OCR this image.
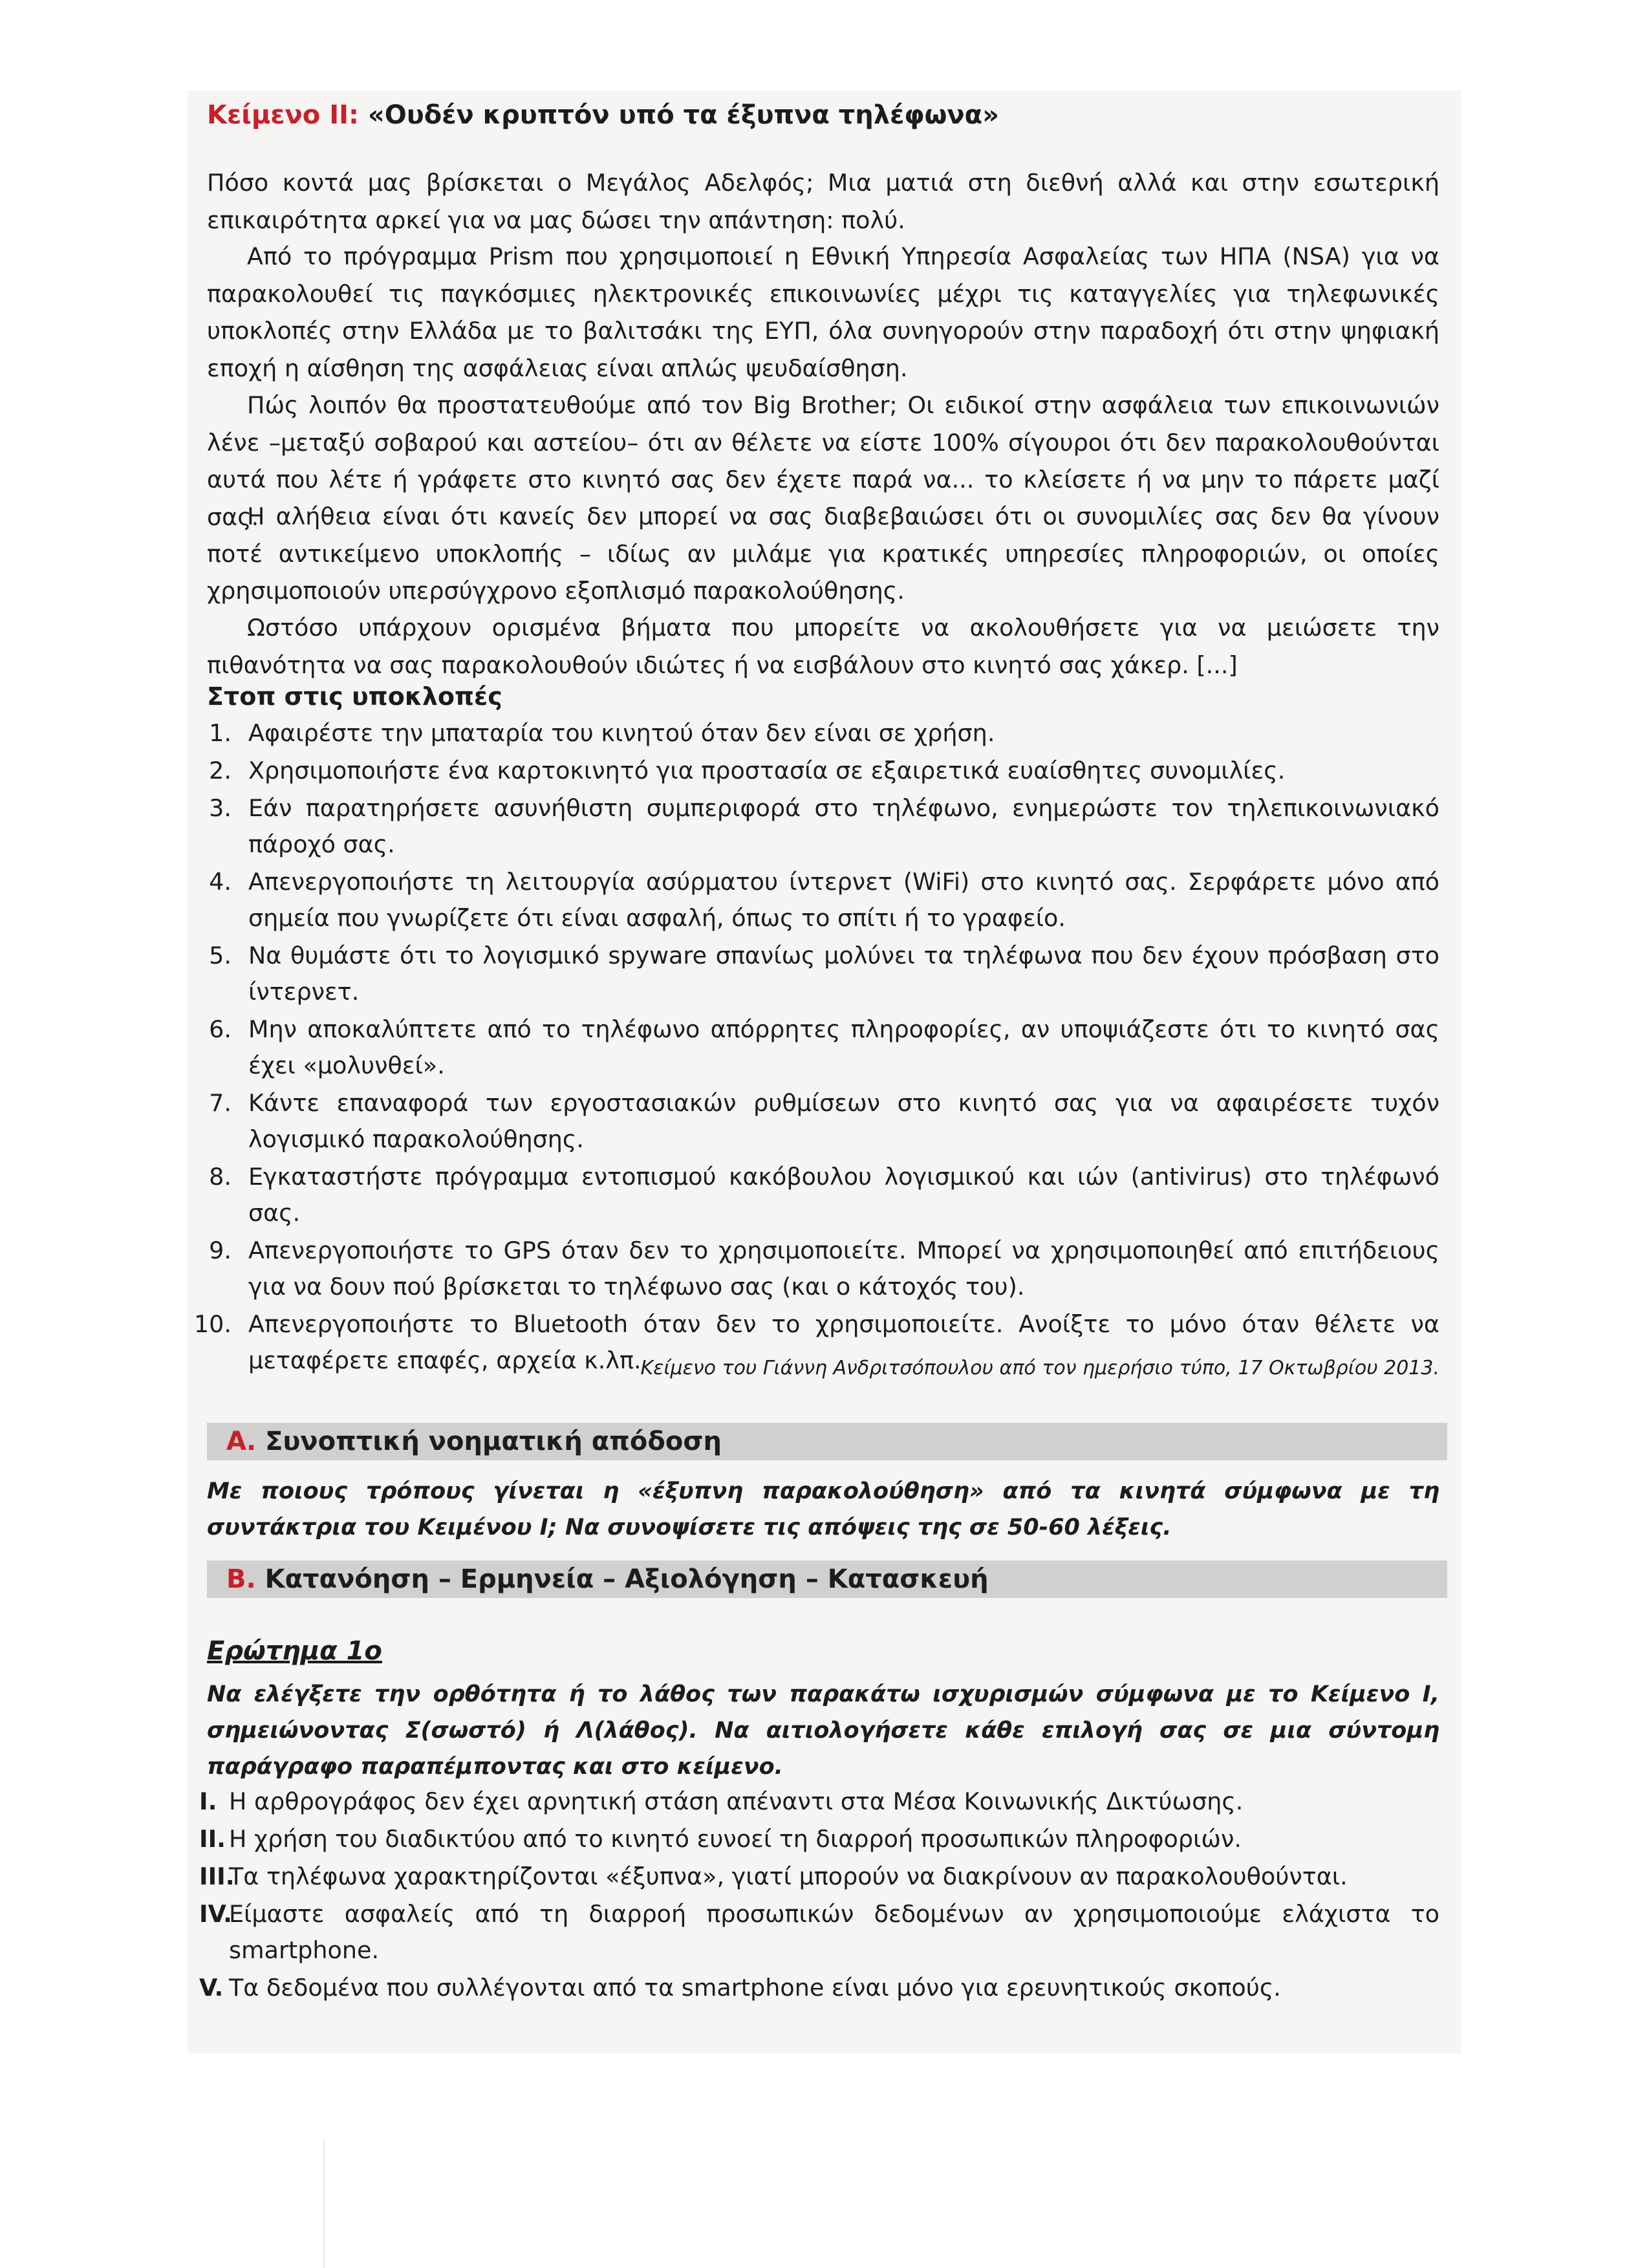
Κείμενο ΙΙ: «Ουδέν κρυπτόν υπό τα έξυπνα τηλέφωνα»
Πόσο κοντά μας βρίσκεται ο Μεγάλος Αδελφός; Μια ματιά στη διεθνή αλλά και στην εσωτερική επικαιρότητα αρκεί για να μας δώσει την απάντηση: πολύ.
Από το πρόγραμμα Prism που χρησιμοποιεί η Εθνική Υπηρεσία Ασφαλείας των ΗΠΑ (NSA) για να παρακολουθεί τις παγκόσμιες ηλεκτρονικές επικοινωνίες μέχρι τις καταγγελίες για τηλεφωνικές υποκλοπές στην Ελλάδα με το βαλιτσάκι της ΕΥΠ, όλα συνηγορούν στην παραδοχή ότι στην ψηφιακή εποχή η αίσθηση της ασφάλειας είναι απλώς ψευδαίσθηση.
Πώς λοιπόν θα προστατευθούμε από τον Big Brother; Οι ειδικοί στην ασφάλεια των επικοινωνιών λένε –μεταξύ σοβαρού και αστείου– ότι αν θέλετε να είστε 100% σίγουροι ότι δεν παρακολουθούνται αυτά που λέτε ή γράφετε στο κινητό σας δεν έχετε παρά να... το κλείσετε ή να μην το πάρετε μαζί σας.
Η αλήθεια είναι ότι κανείς δεν μπορεί να σας διαβεβαιώσει ότι οι συνομιλίες σας δεν θα γίνουν ποτέ αντικείμενο υποκλοπής – ιδίως αν μιλάμε για κρατικές υπηρεσίες πληροφοριών, οι οποίες χρησιμοποιούν υπερσύγχρονο εξοπλισμό παρακολούθησης.
Ωστόσο υπάρχουν ορισμένα βήματα που μπορείτε να ακολουθήσετε για να μειώσετε την πιθανότητα να σας παρακολουθούν ιδιώτες ή να εισβάλουν στο κινητό σας χάκερ. [...]
Στοπ στις υποκλοπές
1. Αφαιρέστε την μπαταρία του κινητού όταν δεν είναι σε χρήση.
2. Χρησιμοποιήστε ένα καρτοκινητό για προστασία σε εξαιρετικά ευαίσθητες συνομιλίες.
3. Εάν παρατηρήσετε ασυνήθιστη συμπεριφορά στο τηλέφωνο, ενημερώστε τον τηλεπικοινωνιακό πάροχό σας.
4. Απενεργοποιήστε τη λειτουργία ασύρματου ίντερνετ (WiFi) στο κινητό σας. Σερφάρετε μόνο από σημεία που γνωρίζετε ότι είναι ασφαλή, όπως το σπίτι ή το γραφείο.
5. Να θυμάστε ότι το λογισμικό spyware σπανίως μολύνει τα τηλέφωνα που δεν έχουν πρόσβαση στο ίντερνετ.
6. Μην αποκαλύπτετε από το τηλέφωνο απόρρητες πληροφορίες, αν υποψιάζεστε ότι το κινητό σας έχει «μολυνθεί».
7. Κάντε επαναφορά των εργοστασιακών ρυθμίσεων στο κινητό σας για να αφαιρέσετε τυχόν λογισμικό παρακολούθησης.
8. Εγκαταστήστε πρόγραμμα εντοπισμού κακόβουλου λογισμικού και ιών (antivirus) στο τηλέφωνό σας.
9. Απενεργοποιήστε το GPS όταν δεν το χρησιμοποιείτε. Μπορεί να χρησιμοποιηθεί από επιτήδειους για να δουν πού βρίσκεται το τηλέφωνο σας (και ο κάτοχός του).
10. Απενεργοποιήστε το Bluetooth όταν δεν το χρησιμοποιείτε. Ανοίξτε το μόνο όταν θέλετε να μεταφέρετε επαφές, αρχεία κ.λπ.
Κείμενο του Γιάννη Ανδριτσόπουλου από τον ημερήσιο τύπο, 17 Οκτωβρίου 2013.
Α. Συνοπτική νοηματική απόδοση
Με ποιους τρόπους γίνεται η «έξυπνη παρακολούθηση» από τα κινητά σύμφωνα με τη συντάκτρια του Κειμένου Ι; Να συνοψίσετε τις απόψεις της σε 50-60 λέξεις.
Β. Κατανόηση – Ερμηνεία – Αξιολόγηση – Κατασκευή
Ερώτημα 1ο
Να ελέγξετε την ορθότητα ή το λάθος των παρακάτω ισχυρισμών σύμφωνα με το Κείμενο Ι, σημειώνοντας Σ(σωστό) ή Λ(λάθος). Να αιτιολογήσετε κάθε επιλογή σας σε μια σύντομη παράγραφο παραπέμποντας και στο κείμενο.
I. Η αρθρογράφος δεν έχει αρνητική στάση απέναντι στα Μέσα Κοινωνικής Δικτύωσης.
II. Η χρήση του διαδικτύου από το κινητό ευνοεί τη διαρροή προσωπικών πληροφοριών.
III.
Τα τηλέφωνα χαρακτηρίζονται «έξυπνα», γιατί μπορούν να διακρίνουν αν παρακολουθούνται.
IV.
Είμαστε ασφαλείς από τη διαρροή προσωπικών δεδομένων αν χρησιμοποιούμε ελάχιστα το smartphone.
V. Τα δεδομένα που συλλέγονται από τα smartphone είναι μόνο για ερευνητικούς σκοπούς.
